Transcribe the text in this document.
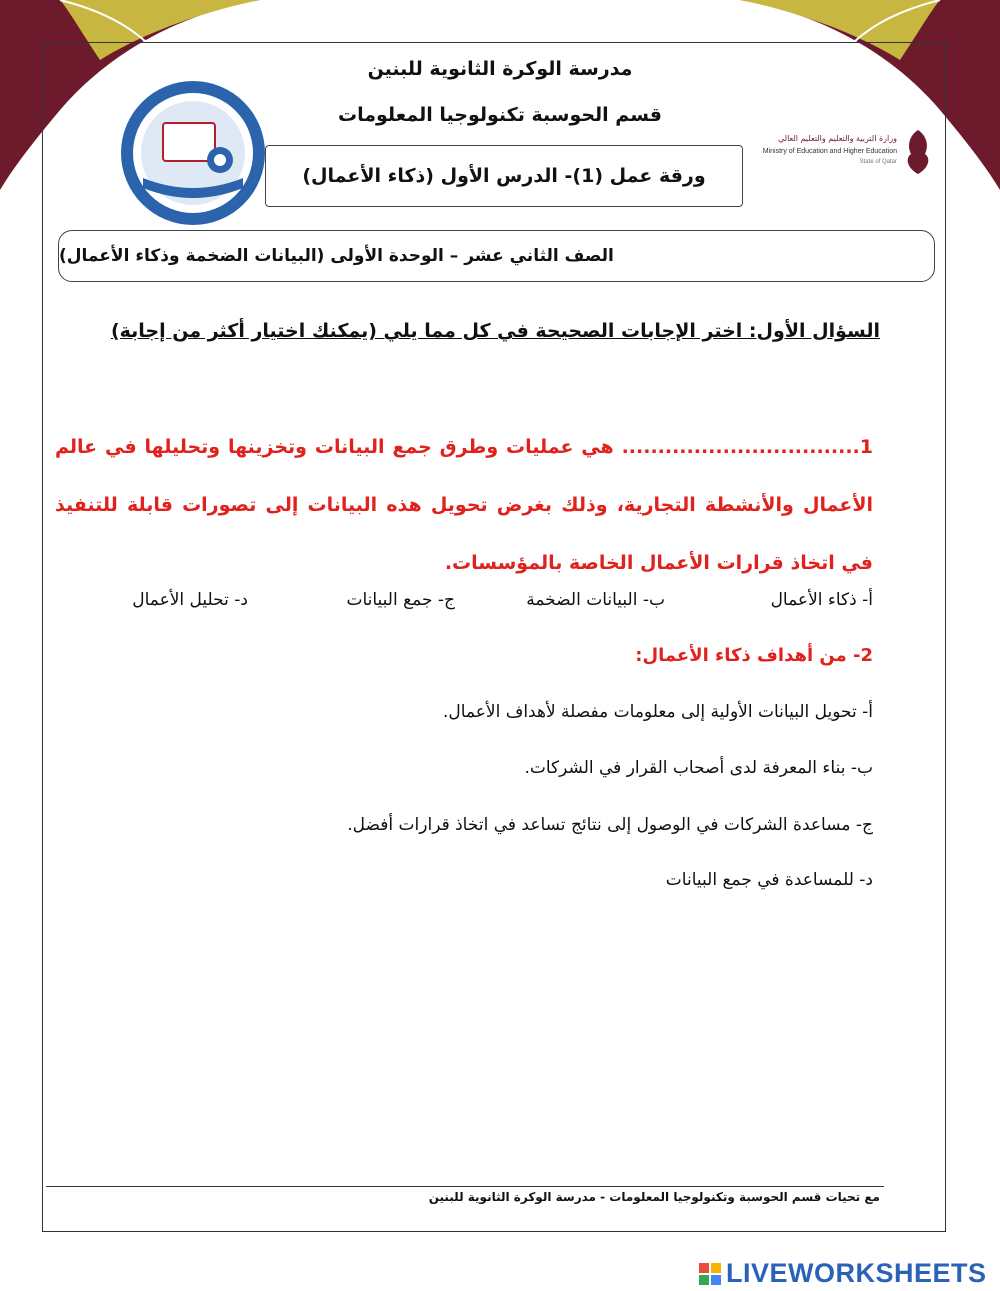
مدرسة الوكرة الثانوية للبنين
قسم الحوسبة تكنولوجيا المعلومات
وزارة التربية والتعليم والتعليم العالي
Ministry of Education and Higher Education
State of Qatar
ورقة عمل (1)- الدرس الأول (ذكاء الأعمال)
الصف الثاني عشر – الوحدة الأولى (البيانات الضخمة وذكاء الأعمال)
السؤال الأول: اختر الإجابات الصحيحة في كل مما يلي (يمكنك اختيار أكثر من إجابة)
1................................. هي عمليات وطرق جمع البيانات وتخزينها وتحليلها في عالم الأعمال والأنشطة التجارية، وذلك بغرض تحويل هذه البيانات إلى تصورات قابلة للتنفيذ في اتخاذ قرارات الأعمال الخاصة بالمؤسسات.
أ- ذكاء الأعمال
ب- البيانات الضخمة
ج- جمع البيانات
د- تحليل الأعمال
2- من أهداف ذكاء الأعمال:
أ- تحويل البيانات الأولية إلى معلومات مفصلة لأهداف الأعمال.
ب- بناء المعرفة لدى أصحاب القرار في الشركات.
ج- مساعدة الشركات في الوصول إلى نتائج تساعد في اتخاذ قرارات أفضل.
د- للمساعدة في جمع البيانات
مع تحيات قسم الحوسبة وتكنولوجيا المعلومات - مدرسة الوكرة الثانوية للبنين
LIVEWORKSHEETS
